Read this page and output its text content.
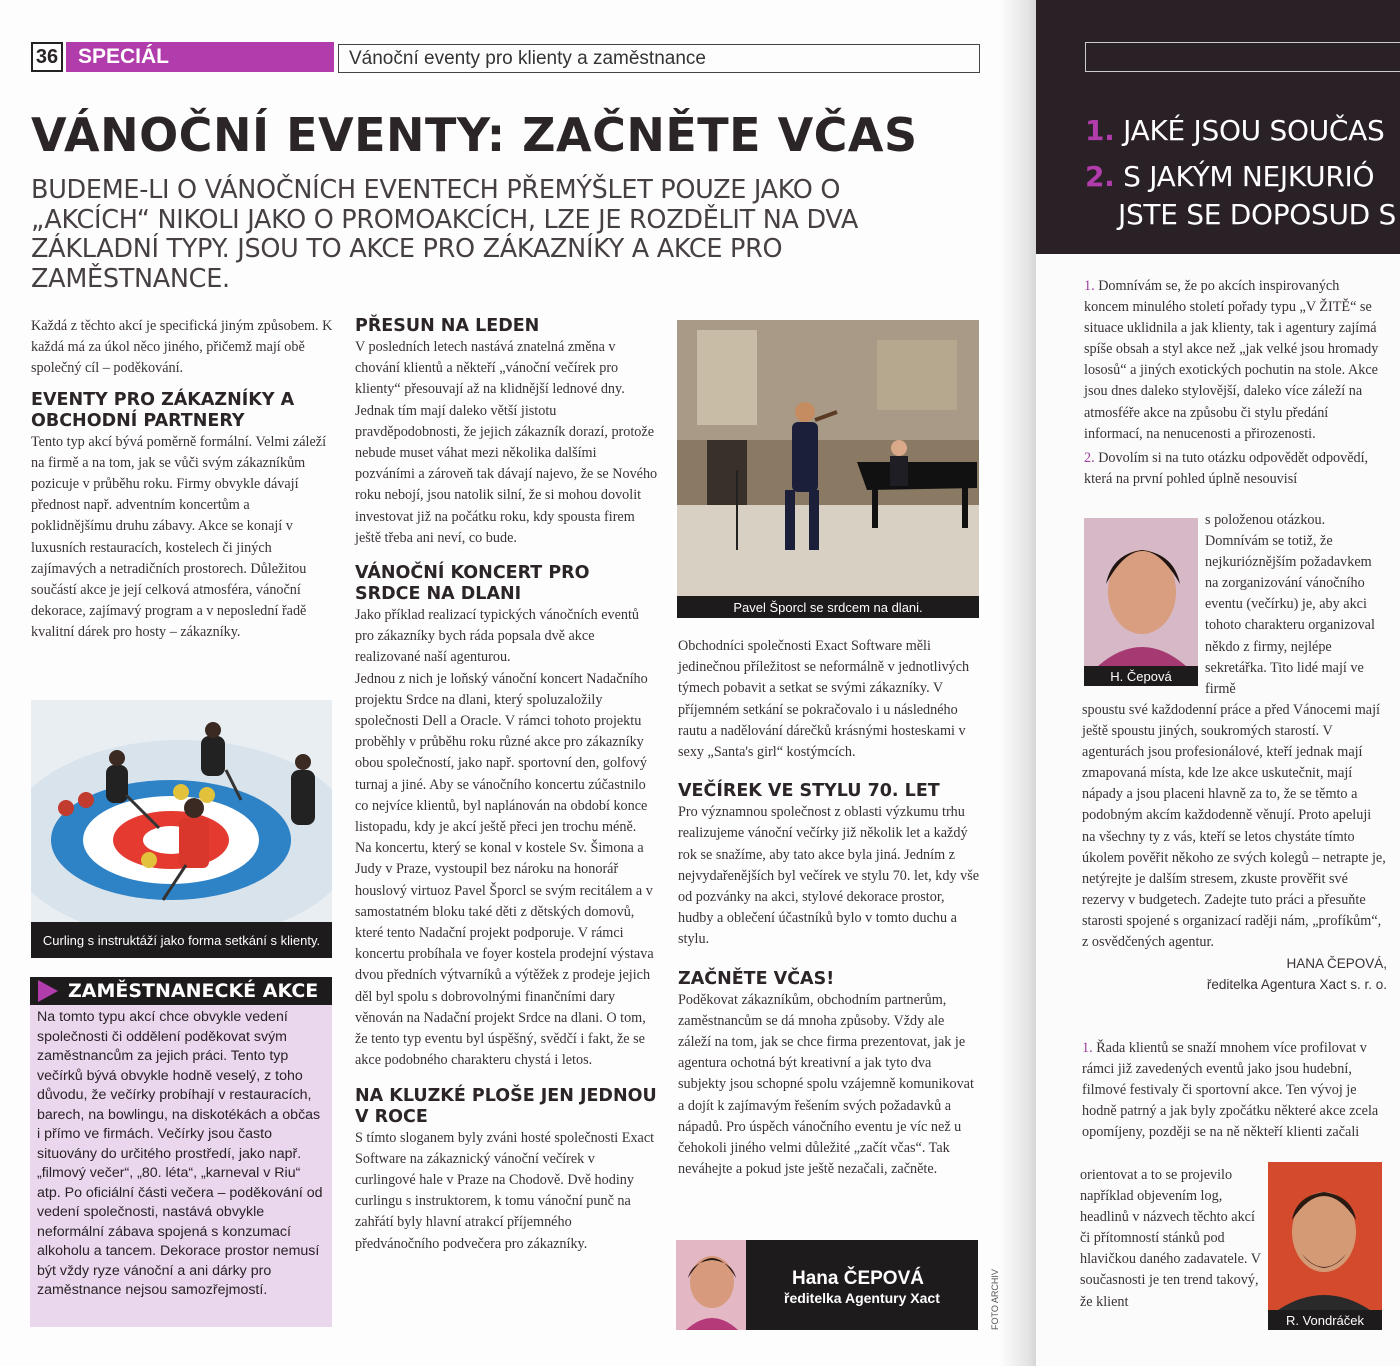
36 SPECIÁL	Vánoční eventy pro klienty a zaměstnance
VÁNOČNÍ EVENTY: ZAČNĚTE VČAS
BUDEME-LI O VÁNOČNÍCH EVENTECH PŘEMÝŠLET POUZE JAKO O „AKCÍCH“ NIKOLI JAKO O PROMOAKCÍCH, LZE JE ROZDĚLIT NA DVA ZÁKLADNÍ TYPY. JSOU TO AKCE PRO ZÁKAZNÍKY A AKCE PRO ZAMĚSTNANCE.

Každá z těchto akcí je specifická jiným způsobem. K každá má za úkol něco jiného, přičemž mají obě společný cíl – poděkování.

EVENTY PRO ZÁKAZNÍKY A OBCHODNÍ PARTNERY

Tento typ akcí bývá poměrně formální. Velmi záleží na firmě a na tom, jak se vůči svým zákazníkům pozicuje v průběhu roku. Firmy obvykle dávají přednost např. adventním koncertům a poklidnějšímu druhu zábavy. Akce se konají v luxusních restauracích, kostelech či jiných zajímavých a netradičních prostorech. Důležitou součástí akce je její celková atmosféra, vánoční dekorace, zajímavý program a v neposlední řadě kvalitní dárek pro hosty – zákazníky.

Curling s instruktáží jako forma setkání s klienty.
ZAMĚSTNANECKÉ AKCE
Na tomto typu akcí chce obvykle vedení společnosti či oddělení poděkovat svým zaměstnancům za jejich práci. Tento typ večírků bývá obvykle hodně veselý, z toho důvodu, že večírky probíhají v restauracích, barech, na bowlingu, na diskotékách a občas i přímo ve firmách. Večírky jsou často situovány do určitého prostředí, jako např. „filmový večer“, „80. léta“, „karneval v Riu“ atp. Po oficiální části večera – poděkování od vedení společnosti, nastává obvykle neformální zábava spojená s konzumací alkoholu a tancem. Dekorace prostor nemusí být vždy ryze vánoční a ani dárky pro zaměstnance nejsou samozřejmostí.
PŘESUN NA LEDEN

V posledních letech nastává znatelná změna v chování klientů a někteří „vánoční večírek pro klienty“ přesouvají až na klidnější lednové dny. Jednak tím mají daleko větší jistotu pravděpodobnosti, že jejich zákazník dorazí, protože nebude muset váhat mezi několika dalšími pozváními a zároveň tak dávají najevo, že se Nového roku nebojí, jsou natolik silní, že si mohou dovolit investovat již na počátku roku, kdy spousta firem ještě třeba ani neví, co bude.

VÁNOČNÍ KONCERT PRO SRDCE NA DLANI

Jako příklad realizací typických vánočních eventů pro zákazníky bych ráda popsala dvě akce realizované naší agenturou.

Jednou z nich je loňský vánoční koncert Nadačního projektu Srdce na dlani, který spoluzaložily společnosti Dell a Oracle. V rámci tohoto projektu proběhly v průběhu roku různé akce pro zákazníky obou společností, jako např. sportovní den, golfový turnaj a jiné. Aby se vánočního koncertu zúčastnilo co nejvíce klientů, byl naplánován na období konce listopadu, kdy je akcí ještě přeci jen trochu méně.

Na koncertu, který se konal v kostele Sv. Šimona a Judy v Praze, vystoupil bez nároku na honorář houslový virtuoz Pavel Šporcl se svým recitálem a v samostatném bloku také děti z dětských domovů, které tento Nadační projekt podporuje. V rámci koncertu probíhala ve foyer kostela prodejní výstava dvou předních výtvarníků a výtěžek z prodeje jejich děl byl spolu s dobrovolnými finančními dary věnován na Nadační projekt Srdce na dlani. O tom, že tento typ eventu byl úspěšný, svědčí i fakt, že se akce podobného charakteru chystá i letos.

NA KLUZKÉ PLOŠE JEN JEDNOU V ROCE

S tímto sloganem byly zváni hosté společnosti Exact Software na zákaznický vánoční večírek v curlingové hale v Praze na Chodově. Dvě hodiny curlingu s instruktorem, k tomu vánoční punč na zahřátí byly hlavní atrakcí příjemného předvánočního podvečera pro zákazníky.

Pavel Šporcl se srdcem na dlani.

Obchodníci společnosti Exact Software měli jedinečnou příležitost se neformálně v jednotlivých týmech pobavit a setkat se svými zákazníky. V příjemném setkání se pokračovalo i u následného rautu a nadělování dárečků krásnými hosteskami v sexy „Santa's girl“ kostýmcích.

VEČÍREK VE STYLU 70. LET

Pro významnou společnost z oblasti výzkumu trhu realizujeme vánoční večírky již několik let a každý rok se snažíme, aby tato akce byla jiná. Jedním z nejvydařenějších byl večírek ve stylu 70. let, kdy vše od pozvánky na akci, stylové dekorace prostor, hudby a oblečení účastníků bylo v tomto duchu a stylu.

ZAČNĚTE VČAS!

Poděkovat zákazníkům, obchodním partnerům, zaměstnancům se dá mnoha způsoby. Vždy ale záleží na tom, jak se chce firma prezentovat, jak je agentura ochotná být kreativní a jak tyto dva subjekty jsou schopné spolu vzájemně komunikovat a dojít k zajímavým řešením svých požadavků a nápadů. Pro úspěch vánočního eventu je víc než u čehokoli jiného velmi důležité „začít včas“. Tak neváhejte a pokud jste ještě nezačali, začněte.

Hana ČEPOVÁ
ředitelka Agentury Xact	FOTO ARCHIV
1. JAKÉ JSOU SOUČAS
2. S JAKÝM NEJKURIÓ
JSTE SE DOPOSUD S

1. Domnívám se, že po akcích inspirovaných koncem minulého století pořady typu „V ŽITĚ“ se situace uklidnila a jak klienty, tak i agentury zajímá spíše obsah a styl akce než „jak velké jsou hromady lososů“ a jiných exotických pochutin na stole. Akce jsou dnes daleko stylovější, daleko více záleží na atmosféře akce na způsobu či stylu předání informací, na nenucenosti a přirozenosti.

2. Dovolím si na tuto otázku odpovědět odpovědí, která na první pohled úplně nesouvisí

H. Čepová
s položenou otázkou. Domnívám se totiž, že nejkurióznějším požadavkem na zorganizování vánočního eventu (večírku) je, aby akci tohoto charakteru organizoval někdo z firmy, nejlépe sekretářka. Tito lidé mají ve firmě

spoustu své každodenní práce a před Vánocemi mají ještě spoustu jiných, soukromých starostí. V agenturách jsou profesionálové, kteří jednak mají zmapovaná místa, kde lze akce uskutečnit, mají nápady a jsou placeni hlavně za to, že se těmto a podobným akcím každodenně věnují. Proto apeluji na všechny ty z vás, kteří se letos chystáte tímto úkolem pověřit někoho ze svých kolegů – netrapte je, netýrejte je dalším stresem, zkuste prověřit své rezervy v budgetech. Zadejte tuto práci a přesuňte starosti spojené s organizací raději nám, „profíkům“, z osvědčených agentur.

HANA ČEPOVÁ,

ředitelka Agentura Xact s. r. o.

1. Řada klientů se snaží mnohem více profilovat v rámci již zavedených eventů jako jsou hudební, filmové festivaly či sportovní akce. Ten vývoj je hodně patrný a jak byly zpočátku některé akce zcela opomíjeny, později se na ně někteří klienti začali

orientovat a to se projevilo například objevením log, headlinů v názvech těchto akcí či přítomností stánků pod hlavičkou daného zadavatele. V současnosti je ten trend takový, že klient
R. Vondráček
